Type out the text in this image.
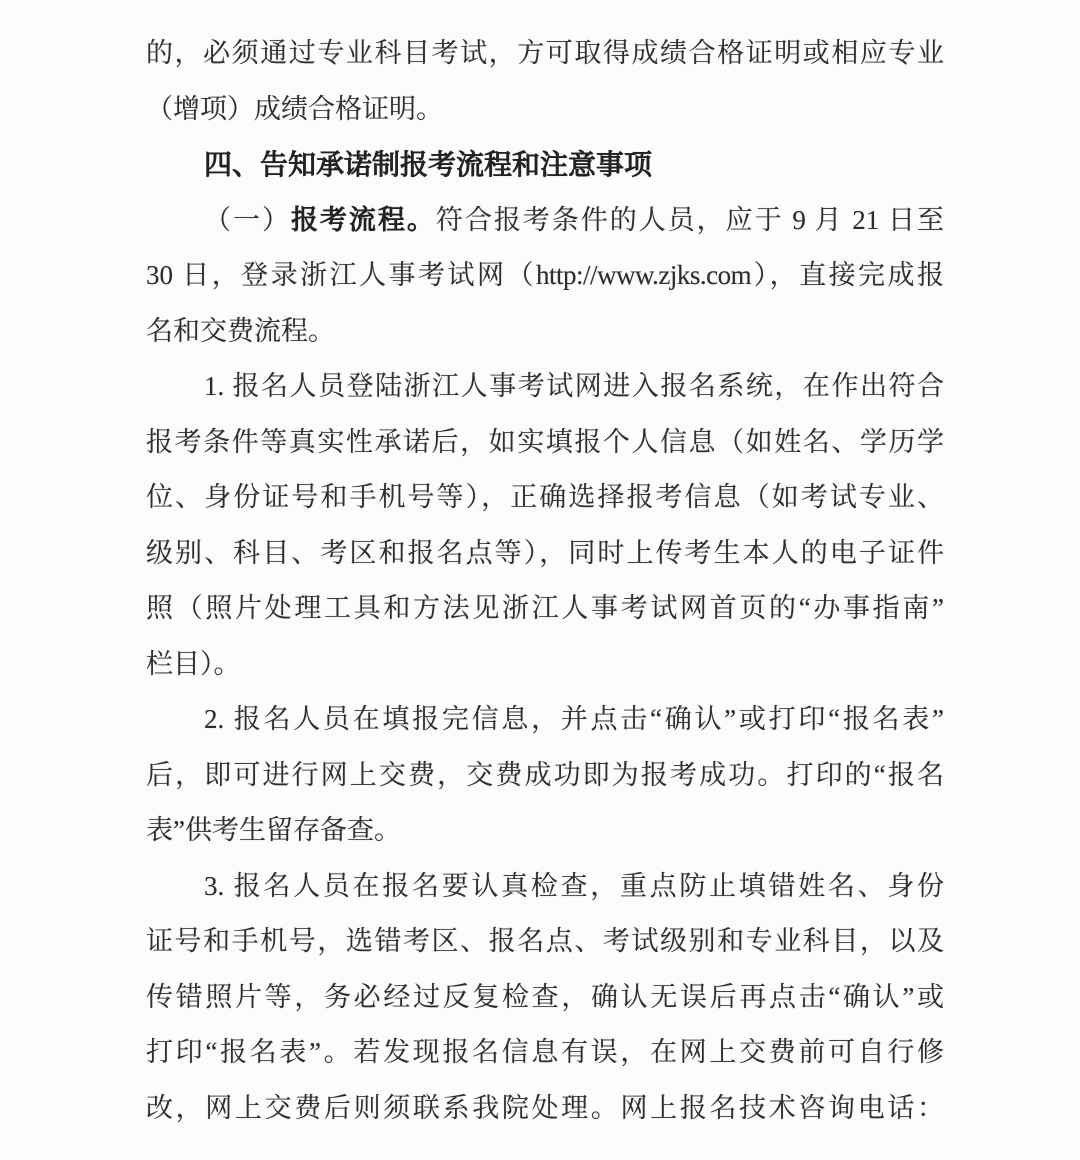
的，必须通过专业科目考试，方可取得成绩合格证明或相应专业
（增项）成绩合格证明。
四、告知承诺制报考流程和注意事项
（一）报考流程。符合报考条件的人员，应于 9 月 21 日至
30 日，登录浙江人事考试网（http://www.zjks.com），直接完成报
名和交费流程。
1. 报名人员登陆浙江人事考试网进入报名系统，在作出符合
报考条件等真实性承诺后，如实填报个人信息（如姓名、学历学
位、身份证号和手机号等），正确选择报考信息（如考试专业、
级别、科目、考区和报名点等），同时上传考生本人的电子证件
照（照片处理工具和方法见浙江人事考试网首页的“办事指南”
栏目）。
2. 报名人员在填报完信息，并点击“确认”或打印“报名表”
后，即可进行网上交费，交费成功即为报考成功。打印的“报名
表”供考生留存备查。
3. 报名人员在报名要认真检查，重点防止填错姓名、身份
证号和手机号，选错考区、报名点、考试级别和专业科目，以及
传错照片等，务必经过反复检查，确认无误后再点击“确认”或
打印“报名表”。若发现报名信息有误，在网上交费前可自行修
改，网上交费后则须联系我院处理。网上报名技术咨询电话：
